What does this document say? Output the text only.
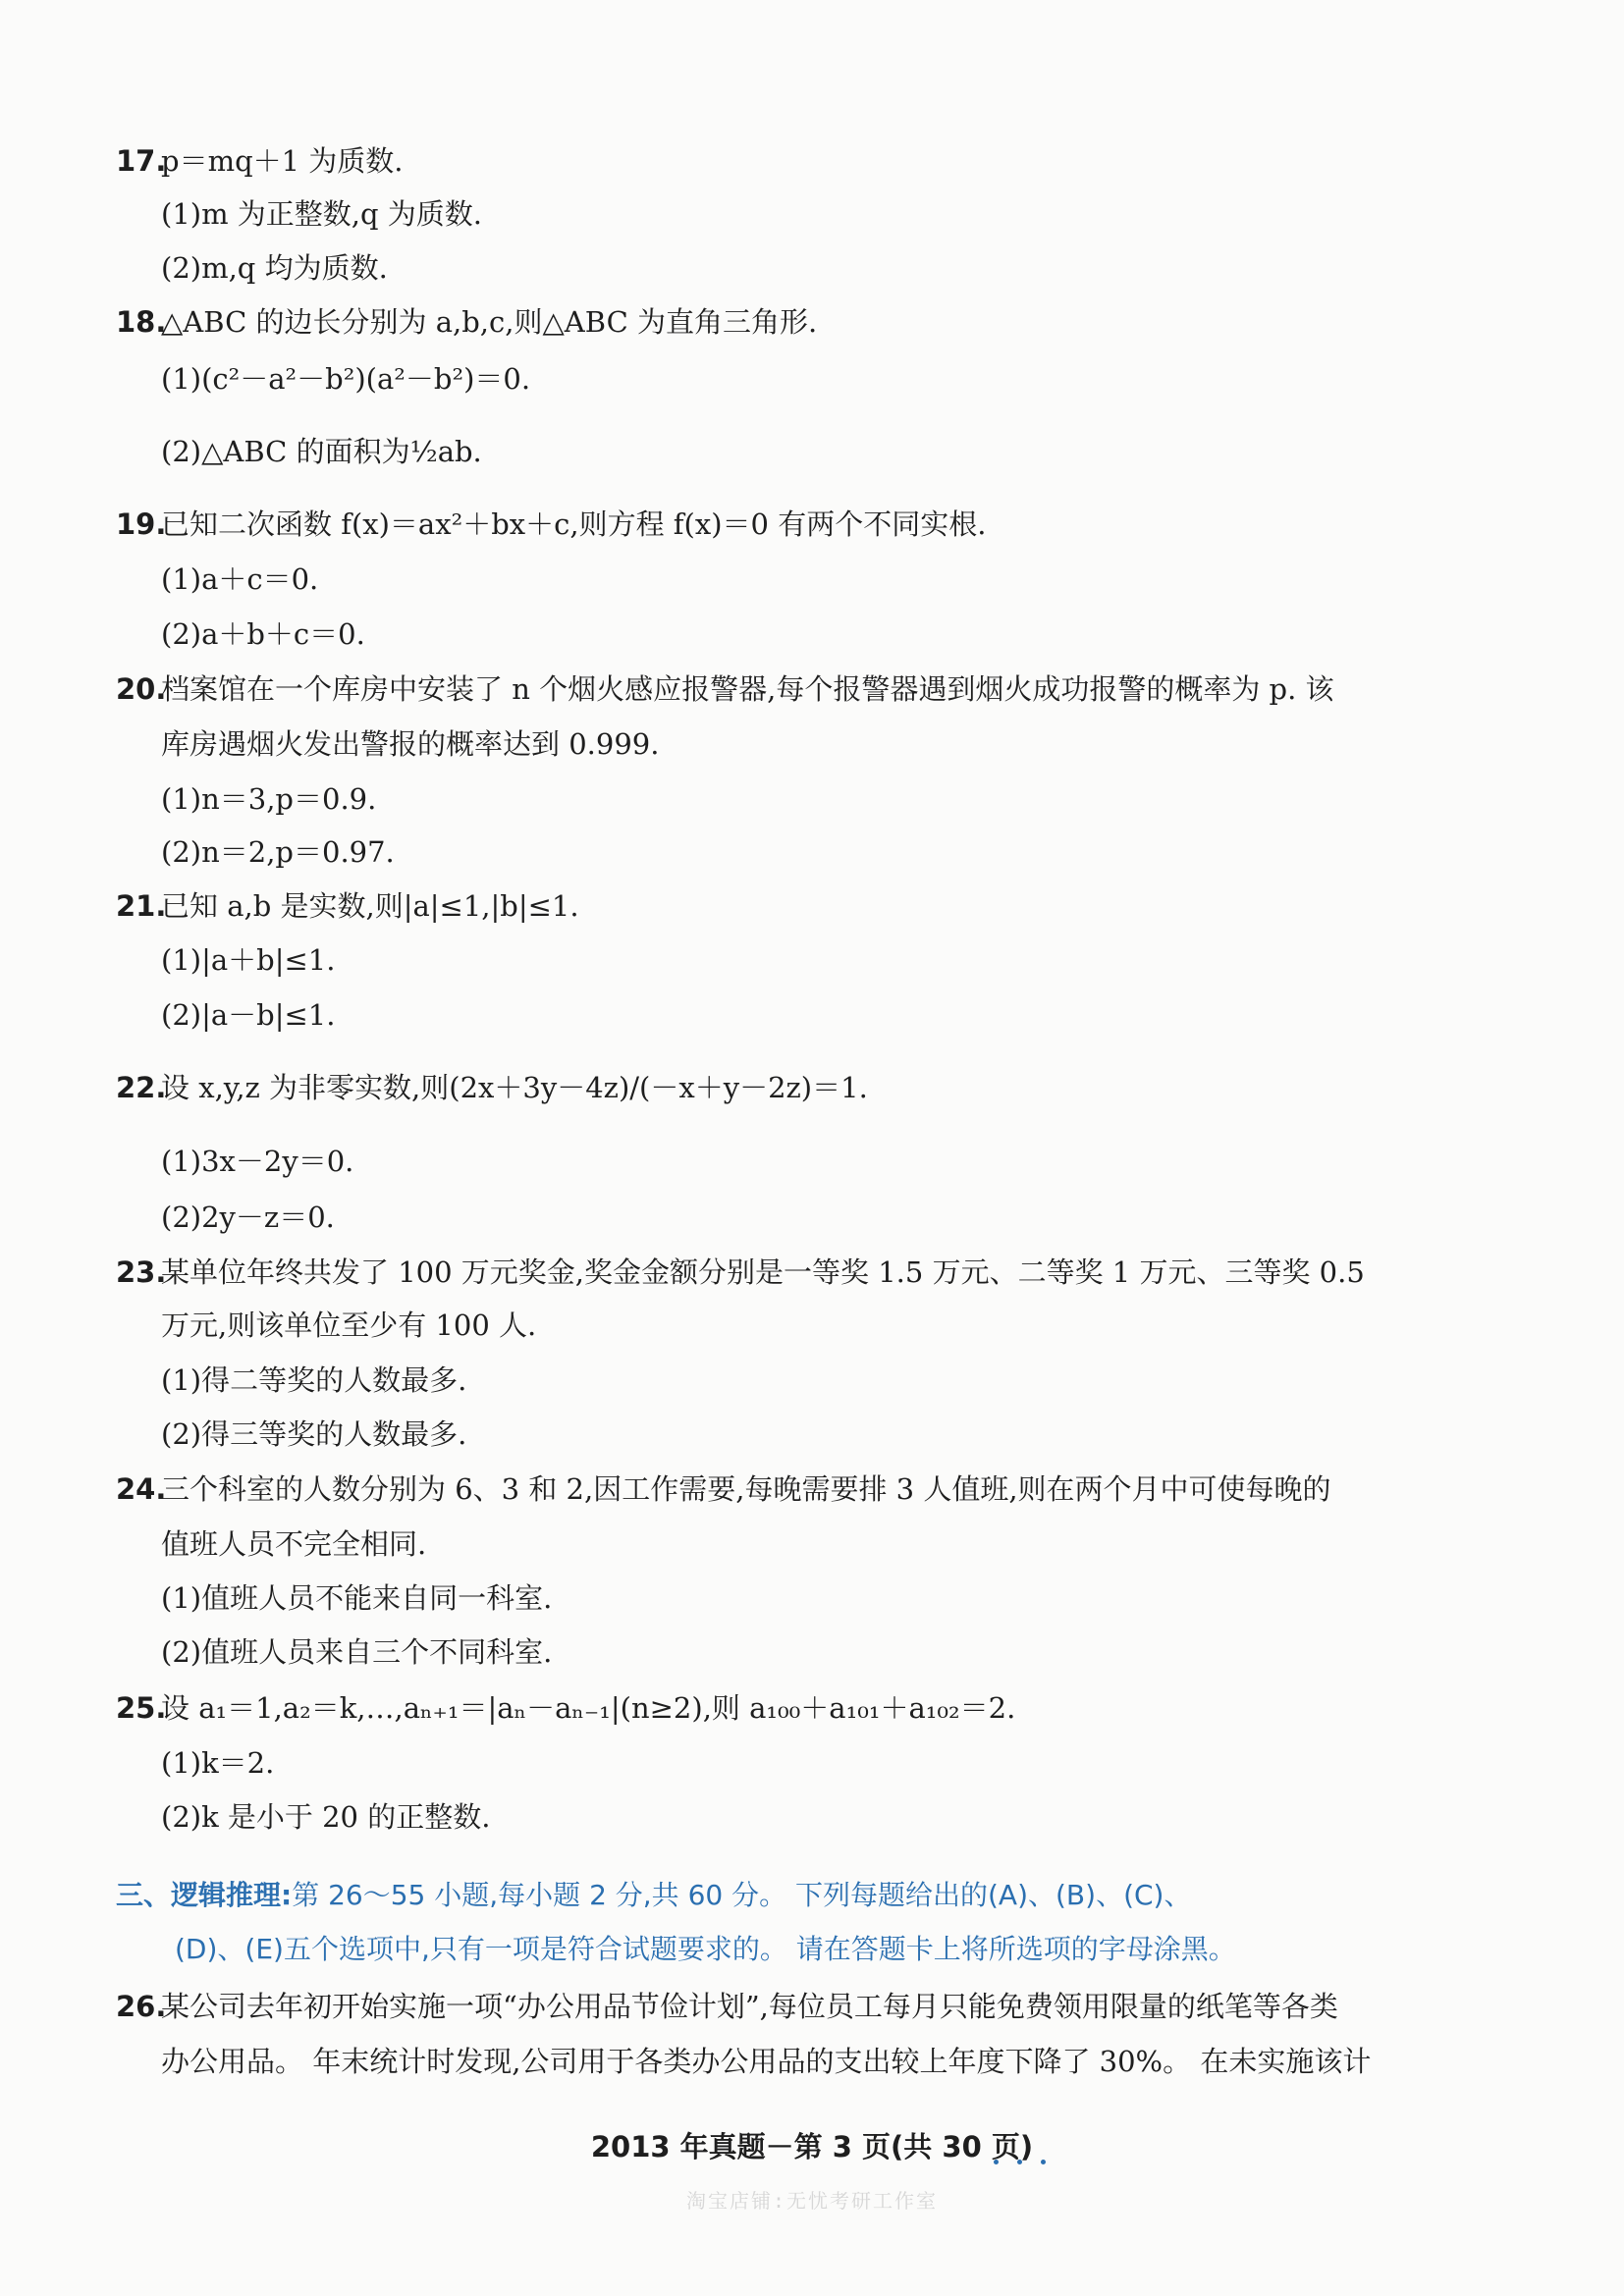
17.
p＝mq＋1 为质数.
(1)m 为正整数,q 为质数.
(2)m,q 均为质数.
18.
△ABC 的边长分别为 a,b,c,则△ABC 为直角三角形.
(1)(c²－a²－b²)(a²－b²)＝0.
(2)△ABC 的面积为½ab.
19.
已知二次函数 f(x)＝ax²＋bx＋c,则方程 f(x)＝0 有两个不同实根.
(1)a＋c＝0.
(2)a＋b＋c＝0.
20.
档案馆在一个库房中安装了 n 个烟火感应报警器,每个报警器遇到烟火成功报警的概率为 p. 该
库房遇烟火发出警报的概率达到 0.999.
(1)n＝3,p＝0.9.
(2)n＝2,p＝0.97.
21.
已知 a,b 是实数,则|a|≤1,|b|≤1.
(1)|a＋b|≤1.
(2)|a－b|≤1.
22.
设 x,y,z 为非零实数,则(2x＋3y－4z)/(－x＋y－2z)＝1.
(1)3x－2y＝0.
(2)2y－z＝0.
23.
某单位年终共发了 100 万元奖金,奖金金额分别是一等奖 1.5 万元、二等奖 1 万元、三等奖 0.5
万元,则该单位至少有 100 人.
(1)得二等奖的人数最多.
(2)得三等奖的人数最多.
24.
三个科室的人数分别为 6、3 和 2,因工作需要,每晚需要排 3 人值班,则在两个月中可使每晚的
值班人员不完全相同.
(1)值班人员不能来自同一科室.
(2)值班人员来自三个不同科室.
25.
设 a₁＝1,a₂＝k,…,aₙ₊₁＝|aₙ－aₙ₋₁|(n≥2),则 a₁₀₀＋a₁₀₁＋a₁₀₂＝2.
(1)k＝2.
(2)k 是小于 20 的正整数.
三、逻辑推理:第 26～55 小题,每小题 2 分,共 60 分。 下列每题给出的(A)、(B)、(C)、
(D)、(E)五个选项中,只有一项是符合试题要求的。 请在答题卡上将所选项的字母涂黑。
26.
某公司去年初开始实施一项“办公用品节俭计划”,每位员工每月只能免费领用限量的纸笔等各类
办公用品。 年末统计时发现,公司用于各类办公用品的支出较上年度下降了 30%。 在未实施该计
2013 年真题－第 3 页(共 30 页)
淘宝店铺:无忧考研工作室
